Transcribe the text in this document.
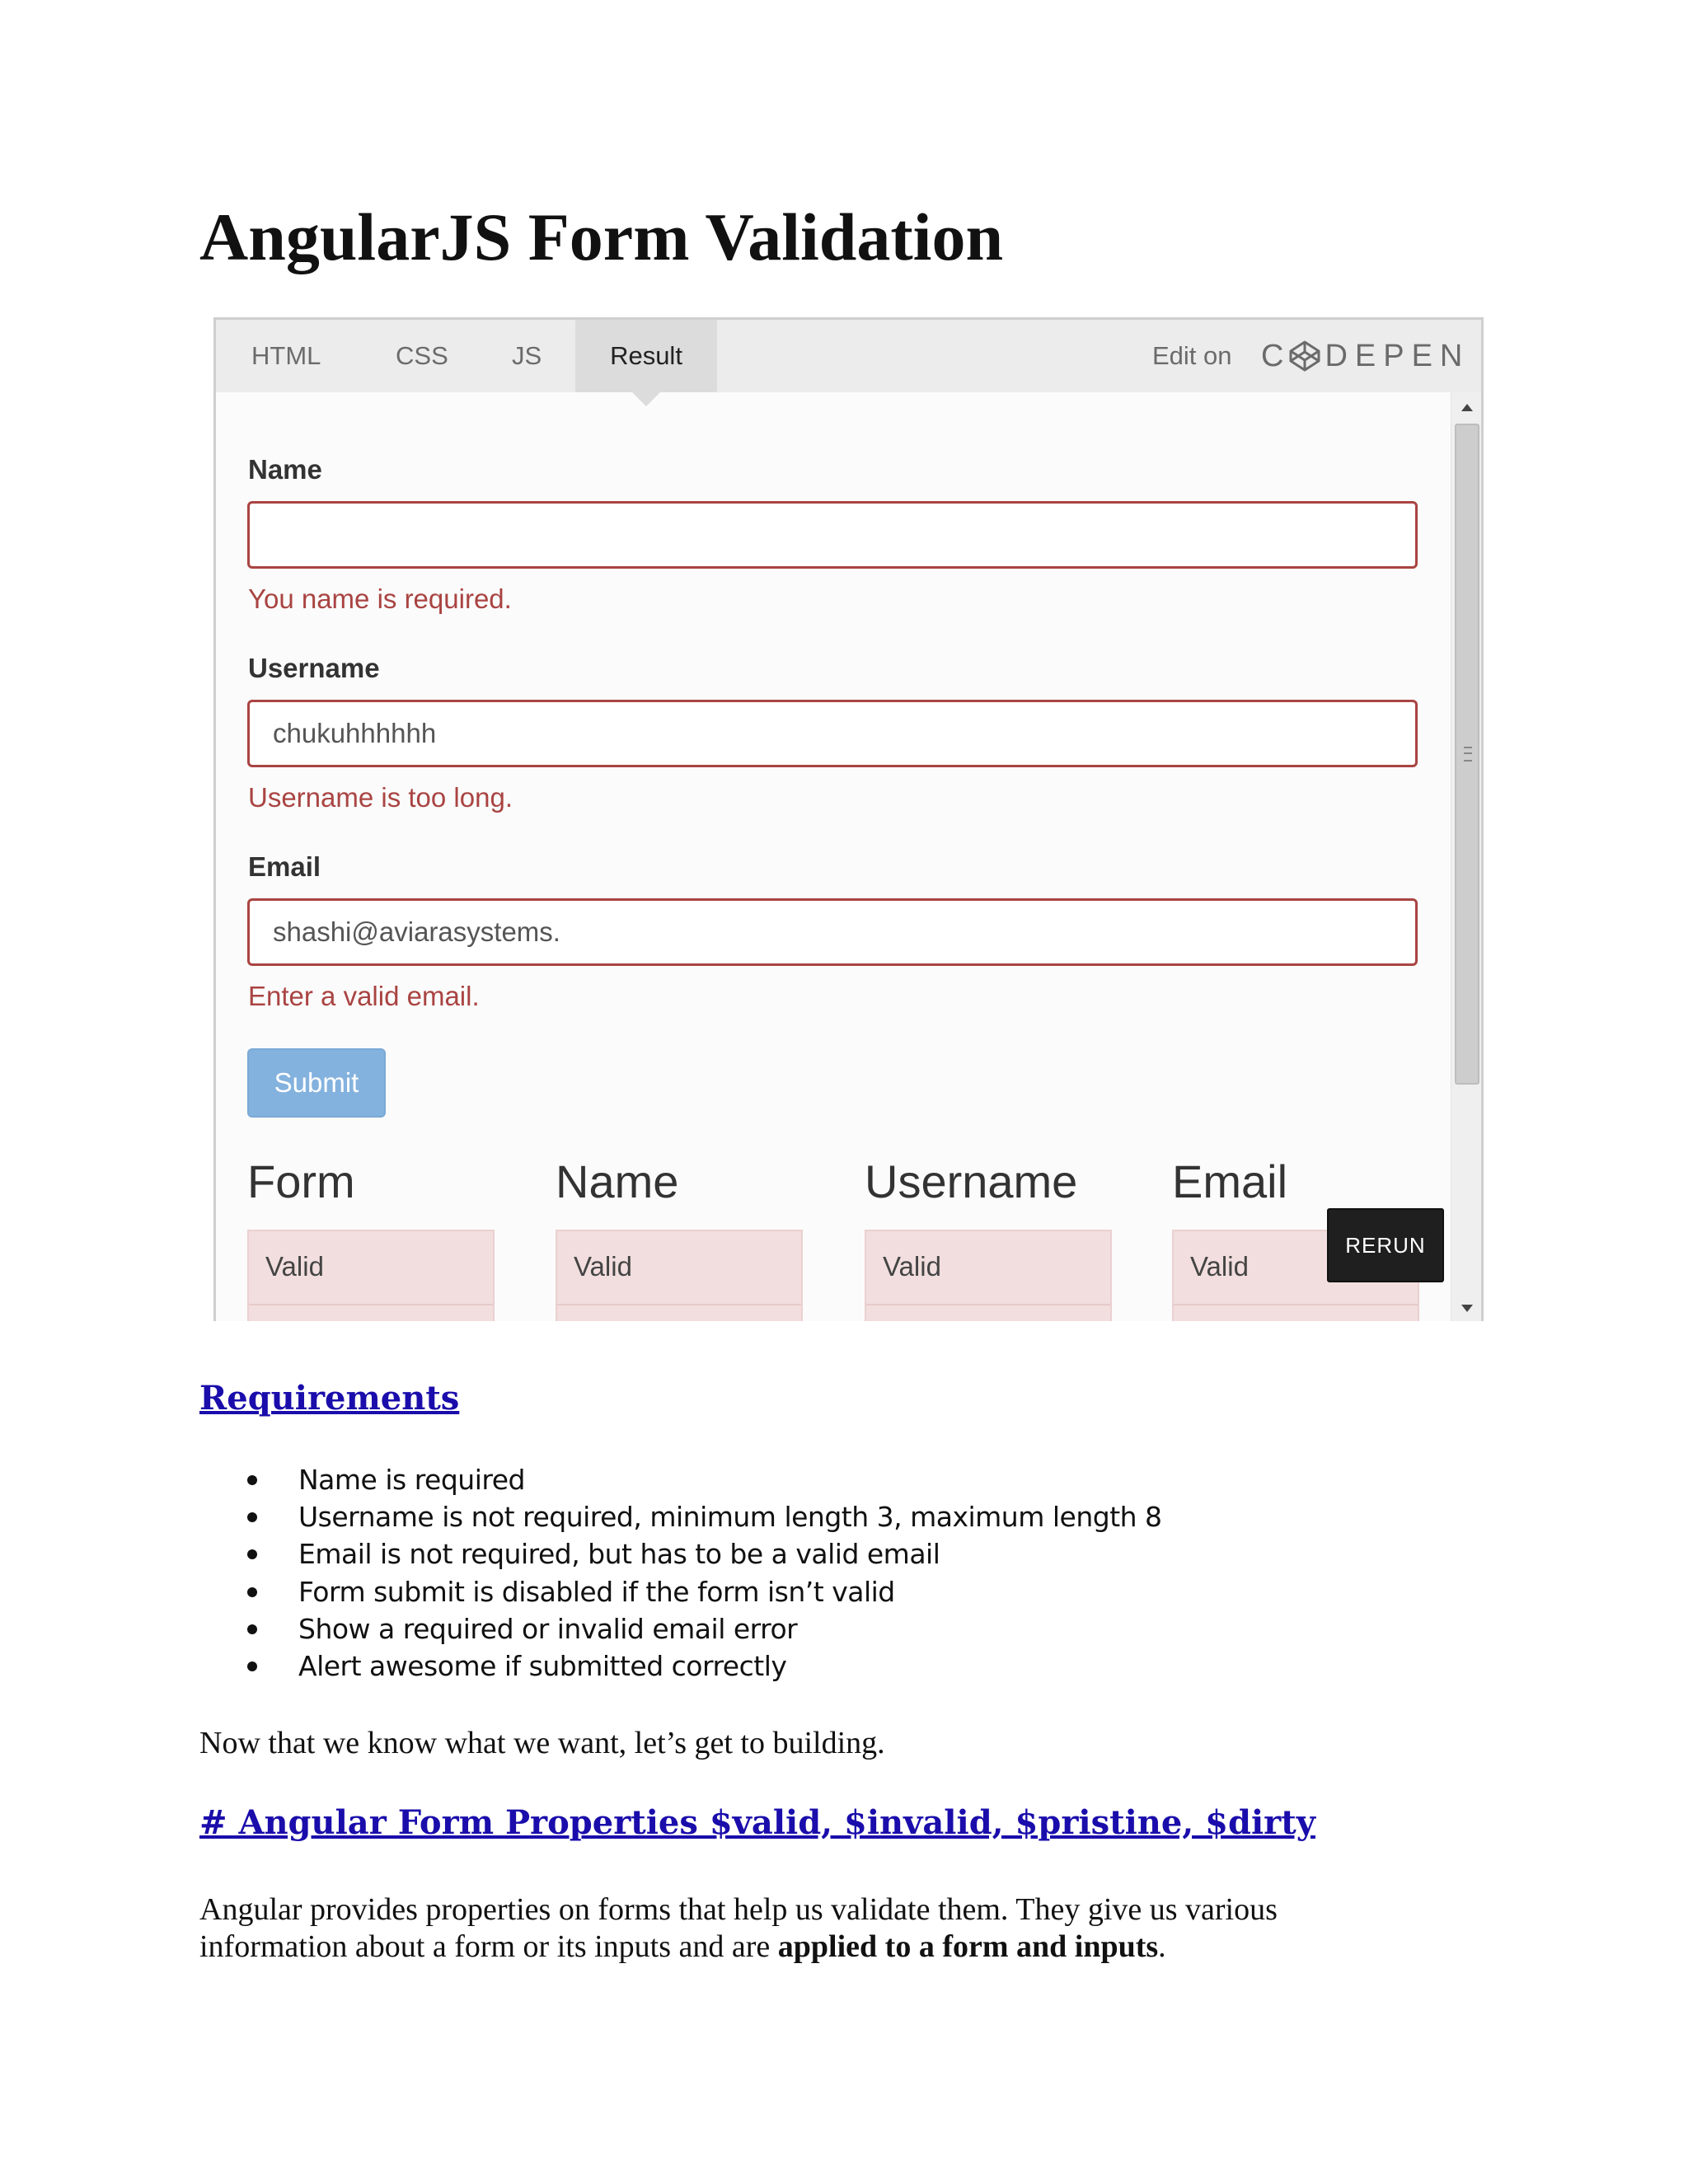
AngularJS Form Validation
HTML	CSS JS	Result	Edit on C DEPEN
Name
You name is required.
Username
chukuhhhhhh
Username is too long.
Email
shashi@aviarasystems.
Enter a valid email.
Submit
Form	Name	Username Email
Valid	Valid	Valid	Valid
RERUN
Requirements
Name is required
Username is not required, minimum length 3, maximum length 8
Email is not required, but has to be a valid email
Form submit is disabled if the form isn’t valid
Show a required or invalid email error
Alert awesome if submitted correctly

Now that we know what we want, let’s get to building.

# Angular Form Properties $valid, $invalid, $pristine, $dirty

Angular provides properties on forms that help us validate them. They give us various

information about a form or its inputs and are applied to a form and inputs.
